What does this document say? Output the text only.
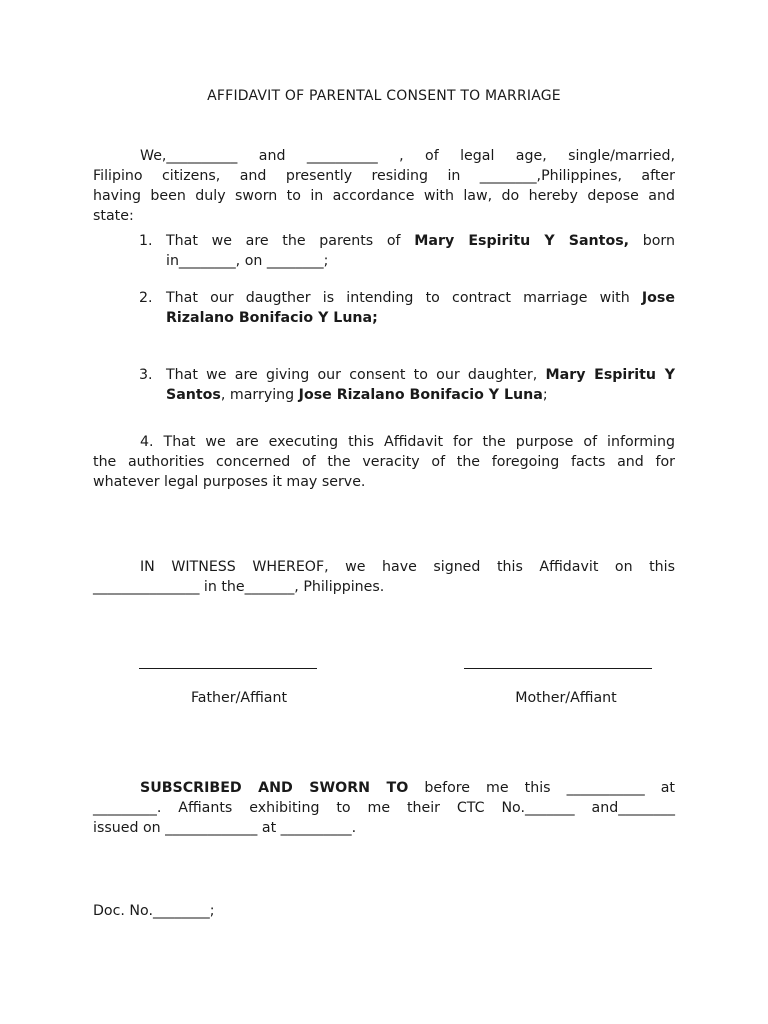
AFFIDAVIT OF PARENTAL CONSENT TO MARRIAGE
We,__________ and __________ , of legal age, single/married,
Filipino citizens, and presently residing in ________,Philippines, after
having been duly sworn to in accordance with law, do hereby depose and
state:
1. That we are the parents of Mary Espiritu Y Santos, born
in________, on ________;
2. That our daugther is intending to contract marriage with Jose
Rizalano Bonifacio Y Luna;
3. That we are giving our consent to our daughter, Mary Espiritu Y
Santos, marrying Jose Rizalano Bonifacio Y Luna;
4. That we are executing this Affidavit for the purpose of informing
the authorities concerned of the veracity of the foregoing facts and for
whatever legal purposes it may serve.
IN WITNESS WHEREOF, we have signed this Affidavit on this
_______________ in the_______, Philippines.
Father/Affiant	Mother/Affiant
SUBSCRIBED AND SWORN TO before me this ___________ at
_________. Affiants exhibiting to me their CTC No._______ and________
issued on _____________ at __________.
Doc. No.________;
